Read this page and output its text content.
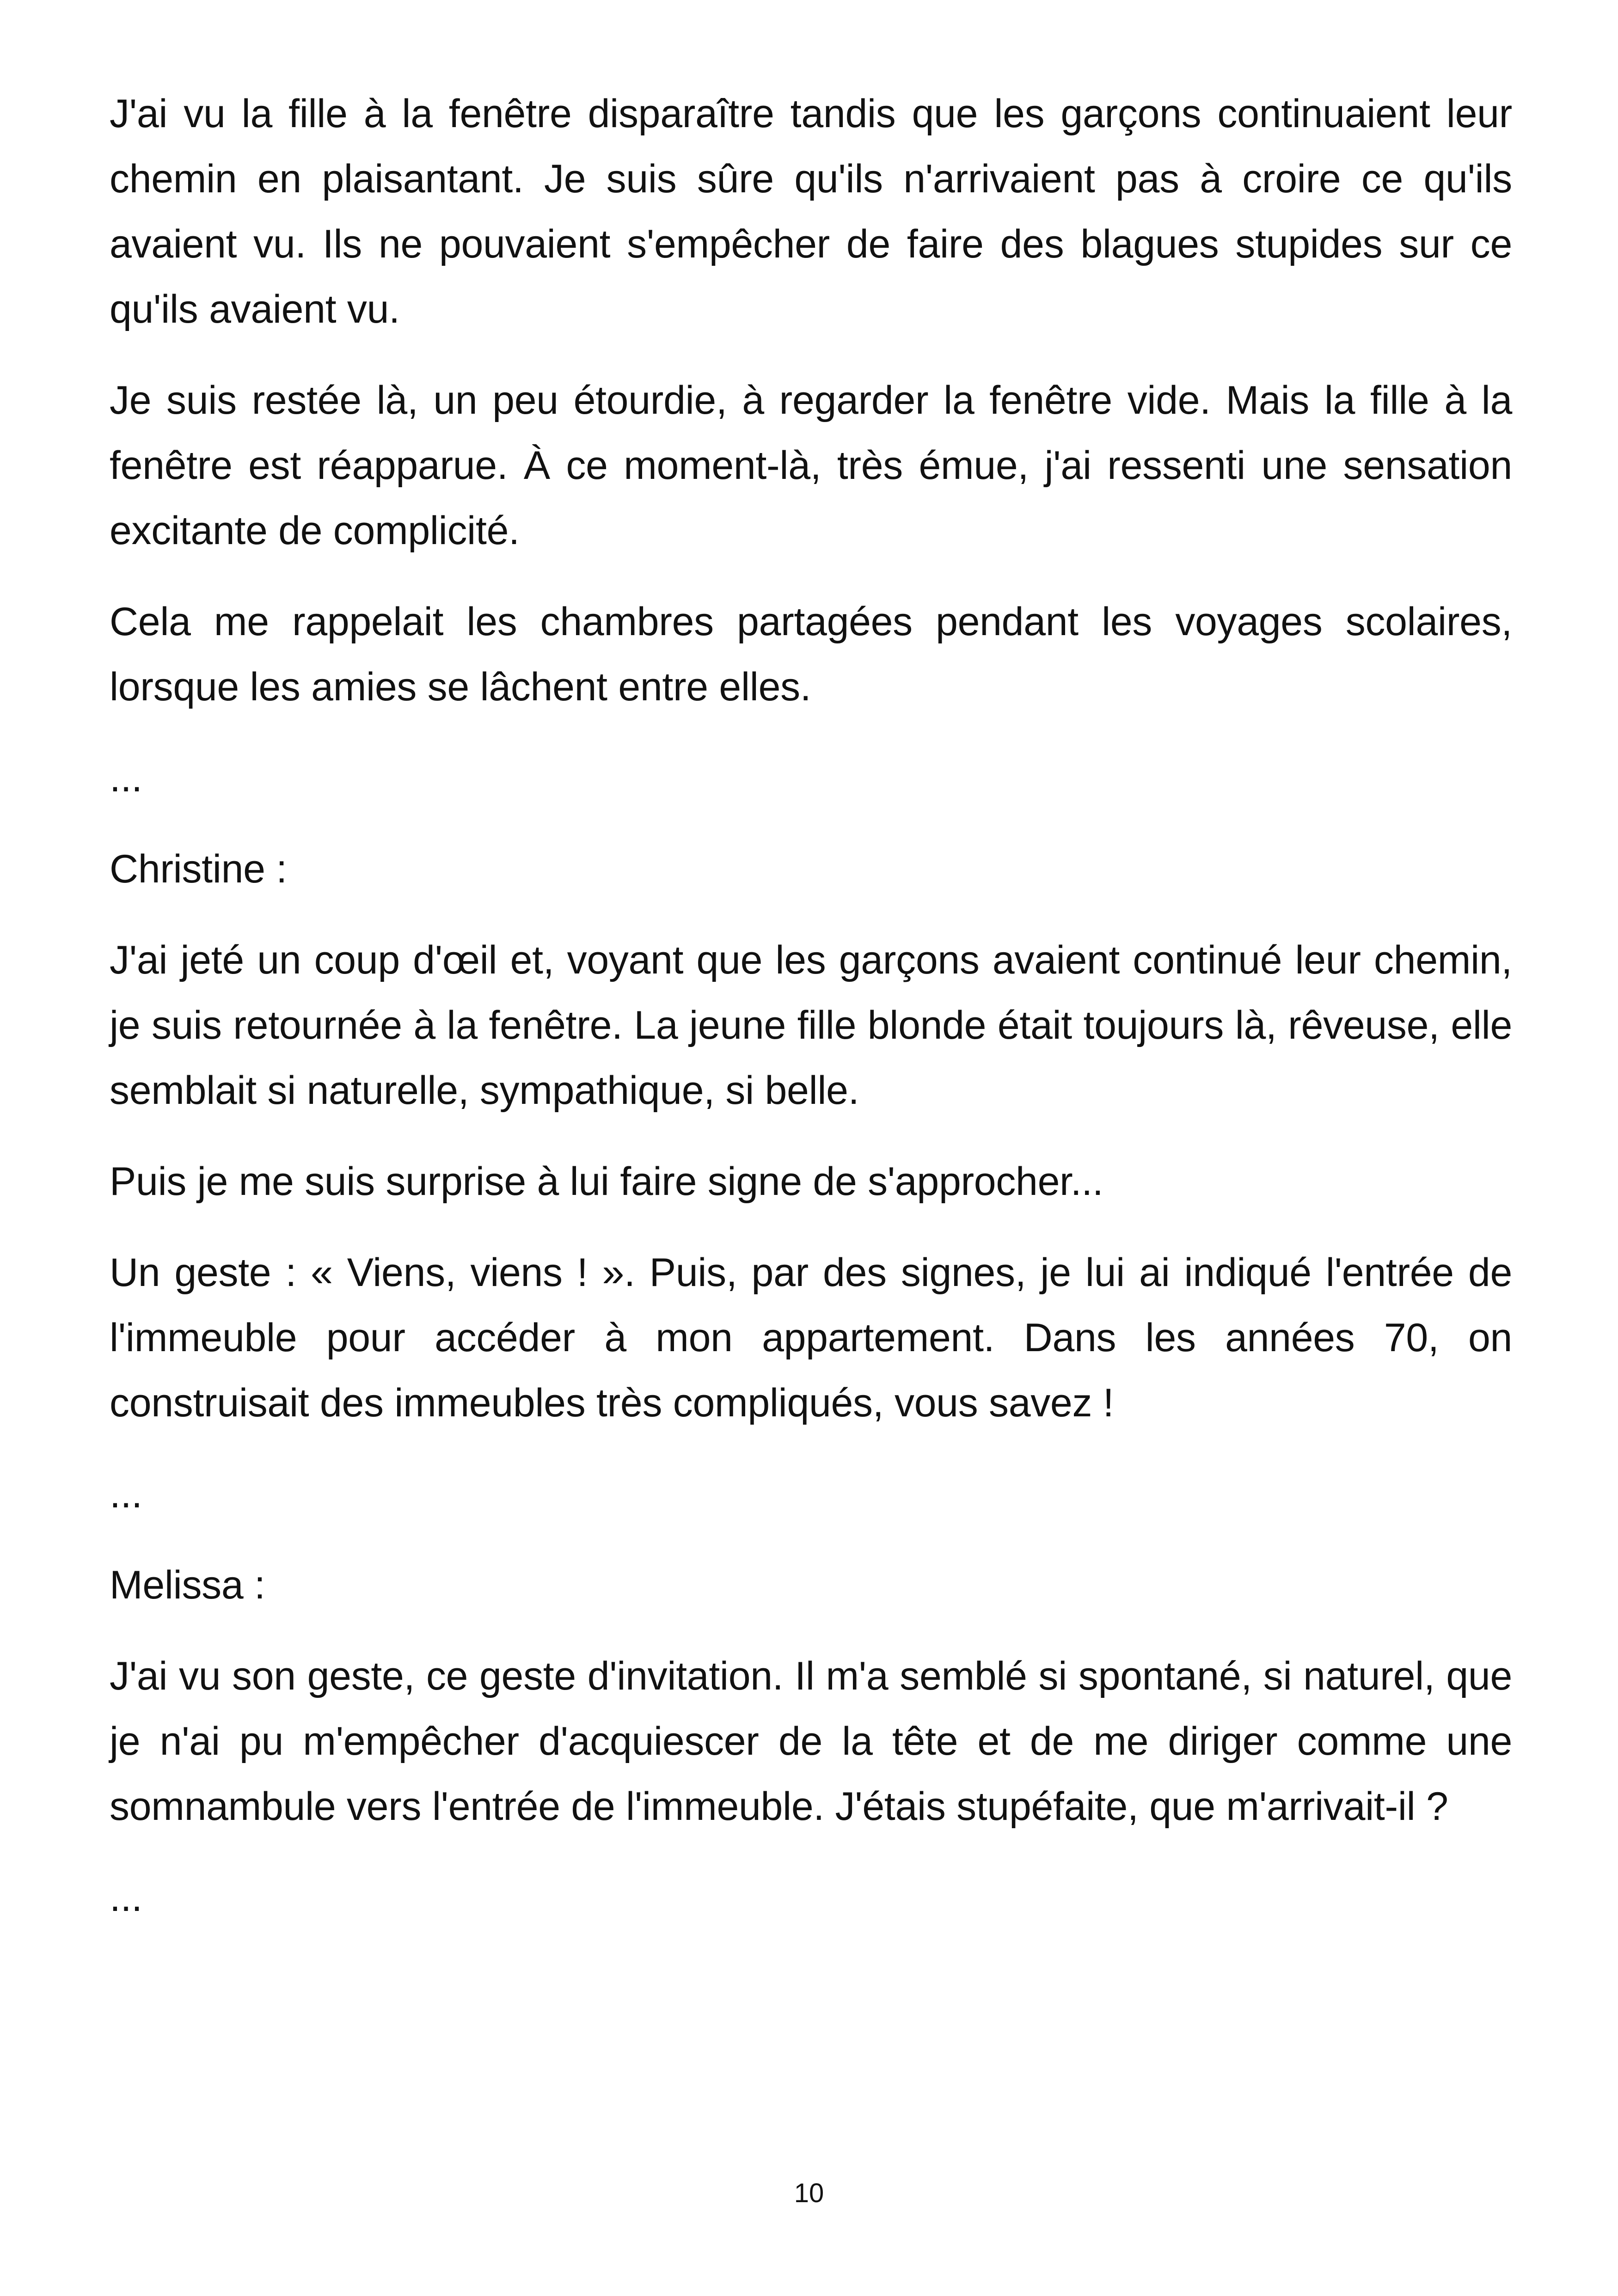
J'ai vu la fille à la fenêtre disparaître tandis que les garçons continuaient leur chemin en plaisantant. Je suis sûre qu'ils n'arrivaient pas à croire ce qu'ils avaient vu. Ils ne pouvaient s'empêcher de faire des blagues stupides sur ce qu'ils avaient vu.

Je suis restée là, un peu étourdie, à regarder la fenêtre vide. Mais la fille à la fenêtre est réapparue. À ce moment-là, très émue, j'ai ressenti une sensation excitante de complicité.

Cela me rappelait les chambres partagées pendant les voyages scolaires, lorsque les amies se lâchent entre elles.

...

Christine :

J'ai jeté un coup d'œil et, voyant que les garçons avaient continué leur chemin, je suis retournée à la fenêtre. La jeune fille blonde était toujours là, rêveuse, elle semblait si naturelle, sympathique, si belle.

Puis je me suis surprise à lui faire signe de s'approcher...

Un geste : « Viens, viens ! ». Puis, par des signes, je lui ai indiqué l'entrée de l'immeuble pour accéder à mon appartement. Dans les années 70, on construisait des immeubles très compliqués, vous savez !

...

Melissa :

J'ai vu son geste, ce geste d'invitation. Il m'a semblé si spontané, si naturel, que je n'ai pu m'empêcher d'acquiescer de la tête et de me diriger comme une somnambule vers l'entrée de l'immeuble. J'étais stupéfaite, que m'arrivait-il ?

...

10
